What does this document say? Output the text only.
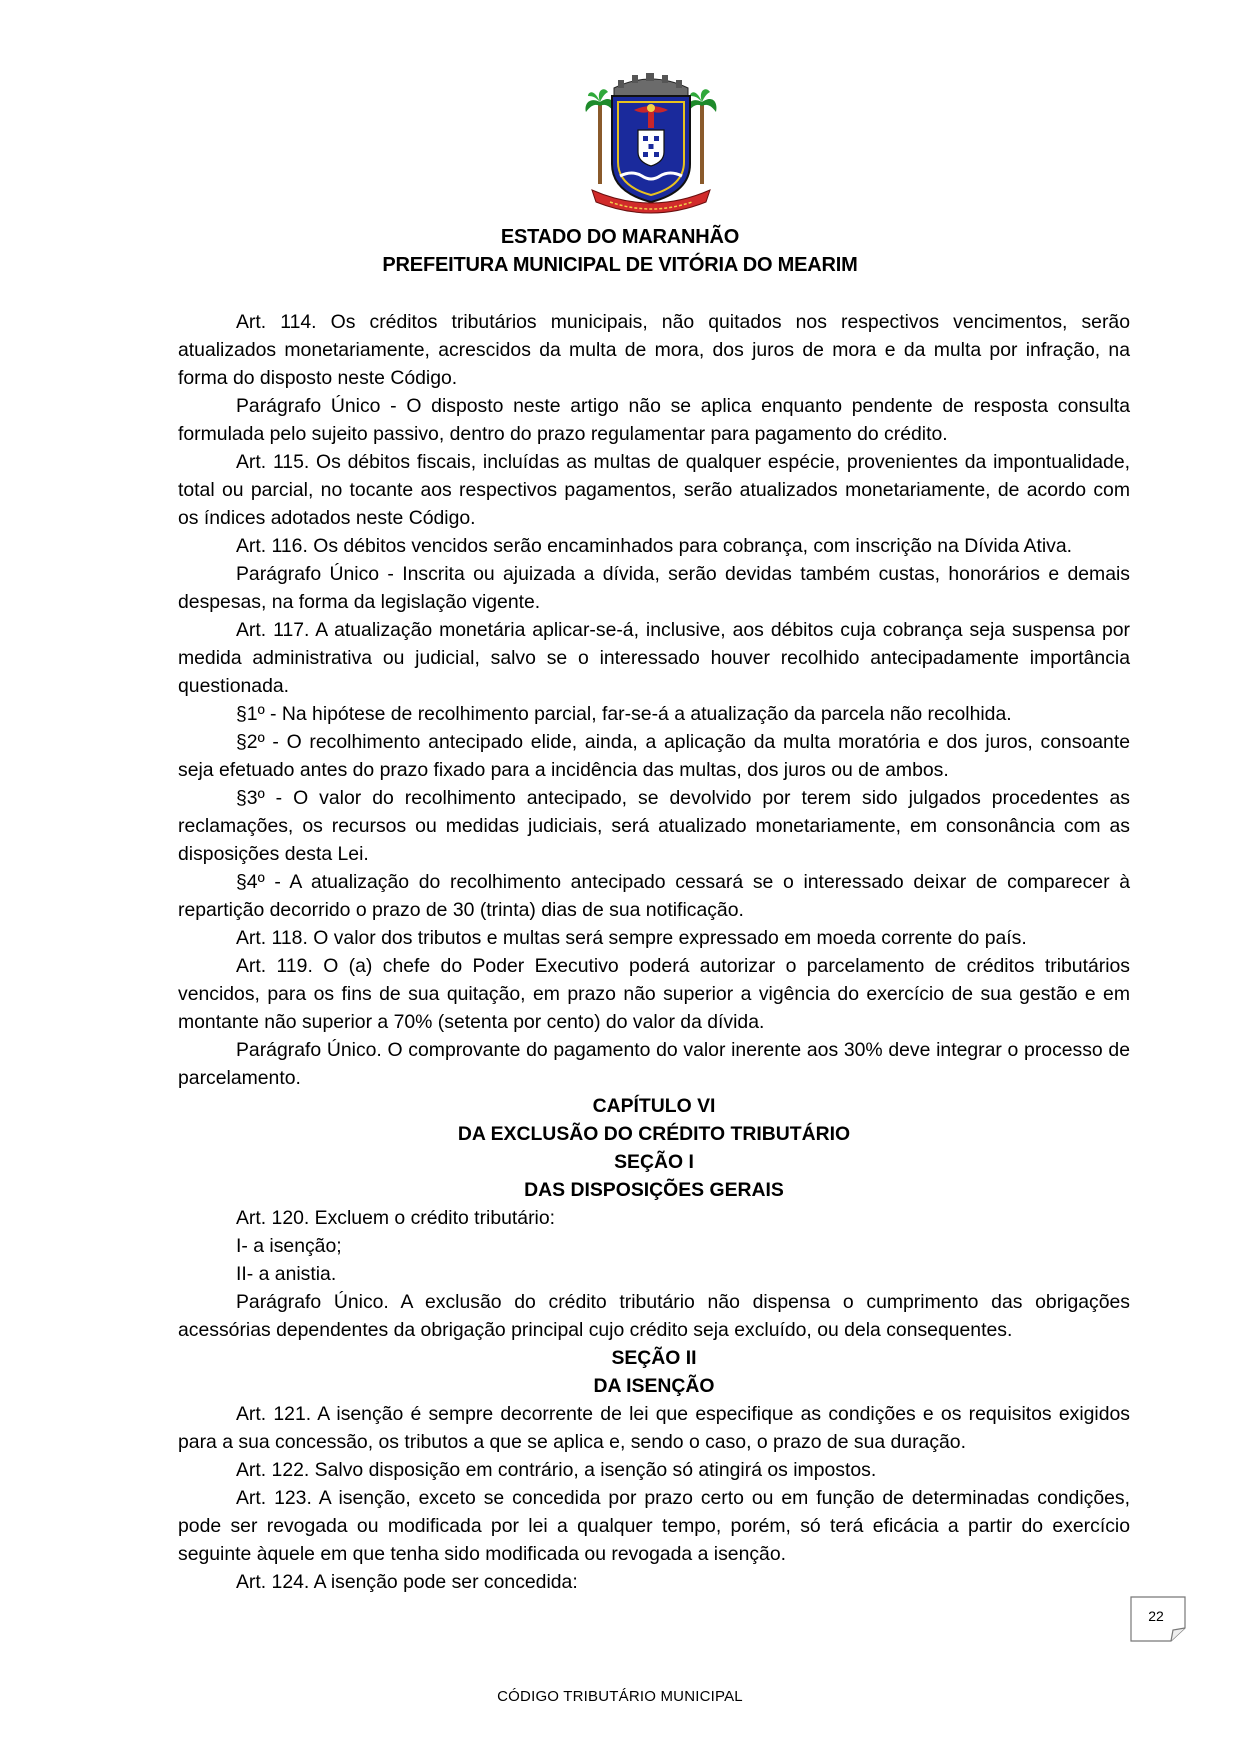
ESTADO DO MARANHÃO
PREFEITURA MUNICIPAL DE VITÓRIA DO MEARIM

Art. 114. Os créditos tributários municipais, não quitados nos respectivos vencimentos, serão atualizados monetariamente, acrescidos da multa de mora, dos juros de mora e da multa por infração, na forma do disposto neste Código.

Parágrafo Único - O disposto neste artigo não se aplica enquanto pendente de resposta consulta formulada pelo sujeito passivo, dentro do prazo regulamentar para pagamento do crédito.

Art. 115. Os débitos fiscais, incluídas as multas de qualquer espécie, provenientes da impontualidade, total ou parcial, no tocante aos respectivos pagamentos, serão atualizados monetariamente, de acordo com os índices adotados neste Código.

Art. 116. Os débitos vencidos serão encaminhados para cobrança, com inscrição na Dívida Ativa.

Parágrafo Único - Inscrita ou ajuizada a dívida, serão devidas também custas, honorários e demais despesas, na forma da legislação vigente.

Art. 117. A atualização monetária aplicar-se-á, inclusive, aos débitos cuja cobrança seja suspensa por medida administrativa ou judicial, salvo se o interessado houver recolhido antecipadamente importância questionada.

§1º - Na hipótese de recolhimento parcial, far-se-á a atualização da parcela não recolhida.

§2º - O recolhimento antecipado elide, ainda, a aplicação da multa moratória e dos juros, consoante seja efetuado antes do prazo fixado para a incidência das multas, dos juros ou de ambos.

§3º - O valor do recolhimento antecipado, se devolvido por terem sido julgados procedentes as reclamações, os recursos ou medidas judiciais, será atualizado monetariamente, em consonância com as disposições desta Lei.

§4º - A atualização do recolhimento antecipado cessará se o interessado deixar de comparecer à repartição decorrido o prazo de 30 (trinta) dias de sua notificação.

Art. 118. O valor dos tributos e multas será sempre expressado em moeda corrente do país.

Art. 119. O (a) chefe do Poder Executivo poderá autorizar o parcelamento de créditos tributários vencidos, para os fins de sua quitação, em prazo não superior a vigência do exercício de sua gestão e em montante não superior a 70% (setenta por cento) do valor da dívida.

Parágrafo Único. O comprovante do pagamento do valor inerente aos 30% deve integrar o processo de parcelamento.

CAPÍTULO VI

DA EXCLUSÃO DO CRÉDITO TRIBUTÁRIO

SEÇÃO I

DAS DISPOSIÇÕES GERAIS

Art. 120. Excluem o crédito tributário:

I- a isenção;

II- a anistia.

Parágrafo Único. A exclusão do crédito tributário não dispensa o cumprimento das obrigações acessórias dependentes da obrigação principal cujo crédito seja excluído, ou dela consequentes.

SEÇÃO II

DA ISENÇÃO

Art. 121. A isenção é sempre decorrente de lei que especifique as condições e os requisitos exigidos para a sua concessão, os tributos a que se aplica e, sendo o caso, o prazo de sua duração.

Art. 122. Salvo disposição em contrário, a isenção só atingirá os impostos.

Art. 123. A isenção, exceto se concedida por prazo certo ou em função de determinadas condições, pode ser revogada ou modificada por lei a qualquer tempo, porém, só terá eficácia a partir do exercício seguinte àquele em que tenha sido modificada ou revogada a isenção.

Art. 124. A isenção pode ser concedida:

22
CÓDIGO TRIBUTÁRIO MUNICIPAL
